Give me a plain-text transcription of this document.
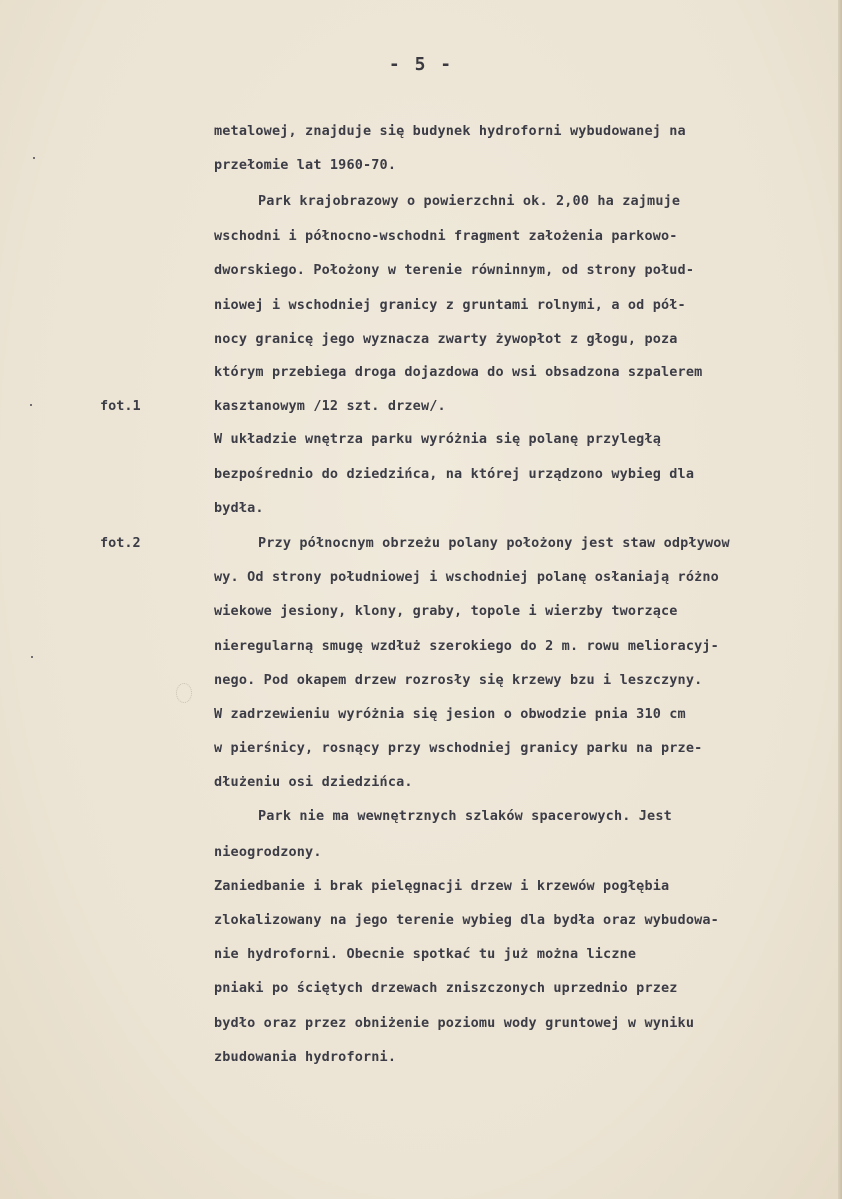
- 5 -
fot.1
fot.2
metalowej, znajduje się budynek hydroforni wybudowanej na
przełomie lat 1960-70.
Park krajobrazowy o powierzchni ok. 2,00 ha zajmuje
wschodni i północno-wschodni fragment założenia parkowo-
dworskiego. Położony w terenie równinnym, od strony połud-
niowej i wschodniej granicy z gruntami rolnymi, a od pół-
nocy granicę jego wyznacza zwarty żywopłot z głogu, poza
którym przebiega droga dojazdowa do wsi obsadzona szpalerem
kasztanowym /12 szt. drzew/.
W układzie wnętrza parku wyróżnia się polanę przyległą
bezpośrednio do dziedzińca, na której urządzono wybieg dla
bydła.
Przy północnym obrzeżu polany położony jest staw odpływow
wy. Od strony południowej i wschodniej polanę osłaniają różno
wiekowe jesiony, klony, graby, topole i wierzby tworzące
nieregularną smugę wzdłuż szerokiego do 2 m. rowu melioracyj-
nego. Pod okapem drzew rozrosły się krzewy bzu i leszczyny.
W zadrzewieniu wyróżnia się jesion o obwodzie pnia 310 cm
w pierśnicy, rosnący przy wschodniej granicy parku na prze-
dłużeniu osi dziedzińca.
Park nie ma wewnętrznych szlaków spacerowych. Jest
nieogrodzony.
Zaniedbanie i brak pielęgnacji drzew i krzewów pogłębia
zlokalizowany na jego terenie wybieg dla bydła oraz wybudowa-
nie hydroforni. Obecnie spotkać tu już można liczne
pniaki po ściętych drzewach zniszczonych uprzednio przez
bydło oraz przez obniżenie poziomu wody gruntowej w wyniku
zbudowania hydroforni.
